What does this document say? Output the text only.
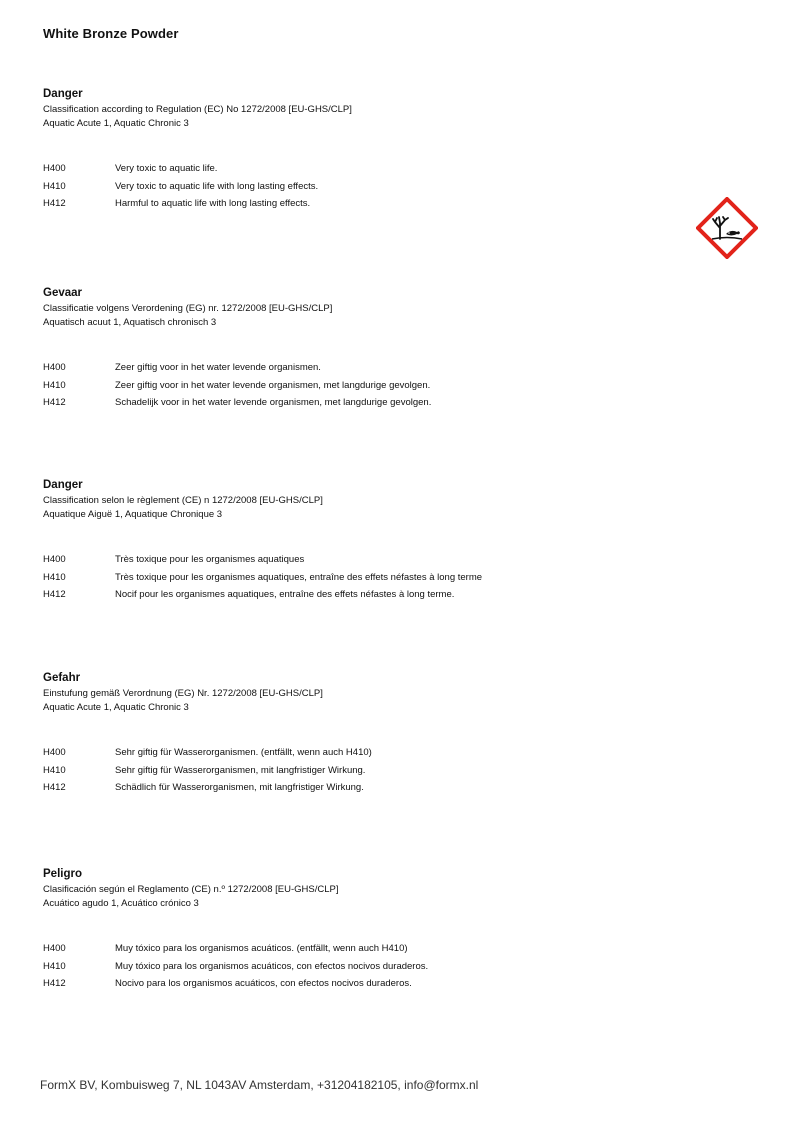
White Bronze Powder
Danger
Classification according to Regulation (EC) No 1272/2008 [EU-GHS/CLP]
Aquatic Acute 1, Aquatic Chronic 3
H400	Very toxic to aquatic life.
H410	Very toxic to aquatic life with long lasting effects.
H412	Harmful to aquatic life with long lasting effects.
Gevaar
Classificatie volgens Verordening (EG) nr. 1272/2008 [EU-GHS/CLP]
Aquatisch acuut 1, Aquatisch chronisch 3
H400	Zeer giftig voor in het water levende organismen.
H410	Zeer giftig voor in het water levende organismen, met langdurige gevolgen.
H412	Schadelijk voor in het water levende organismen, met langdurige gevolgen.
Danger
Classification selon le règlement (CE) n 1272/2008 [EU-GHS/CLP]
Aquatique Aiguë 1, Aquatique Chronique 3
H400	Très toxique pour les organismes aquatiques
H410	Très toxique pour les organismes aquatiques, entraîne des effets néfastes à long terme
H412	Nocif pour les organismes aquatiques, entraîne des effets néfastes à long terme.
Gefahr
Einstufung gemäß Verordnung (EG) Nr. 1272/2008 [EU-GHS/CLP]
Aquatic Acute 1, Aquatic Chronic 3
H400	Sehr giftig für Wasserorganismen. (entfällt, wenn auch H410)
H410	Sehr giftig für Wasserorganismen, mit langfristiger Wirkung.
H412	Schädlich für Wasserorganismen, mit langfristiger Wirkung.
Peligro
Clasificación según el Reglamento (CE) n.º 1272/2008 [EU-GHS/CLP]
Acuático agudo 1, Acuático crónico 3
H400	Muy tóxico para los organismos acuáticos. (entfällt, wenn auch H410)
H410	Muy tóxico para los organismos acuáticos, con efectos nocivos duraderos.
H412	Nocivo para los organismos acuáticos, con efectos nocivos duraderos.
FormX BV, Kombuisweg 7, NL 1043AV Amsterdam, +31204182105, info@formx.nl
